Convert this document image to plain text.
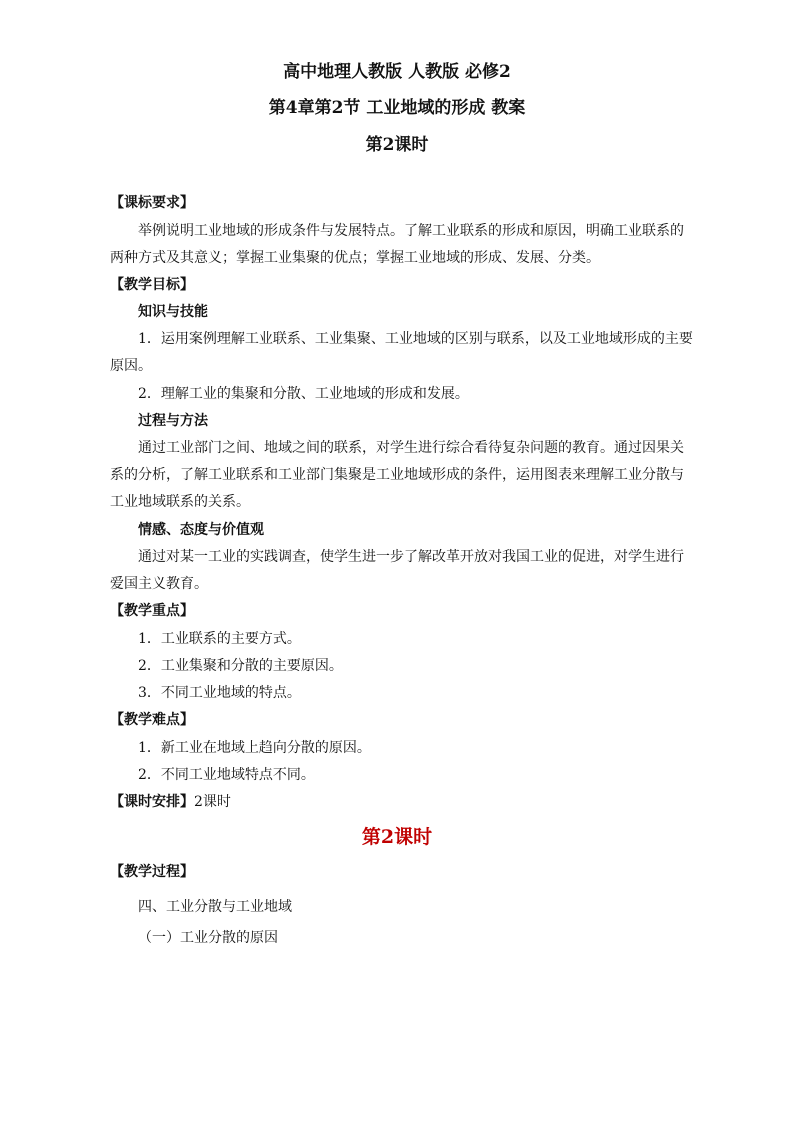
高中地理人教版 人教版 必修2
第4章第2节 工业地域的形成 教案
第2课时
【课标要求】
举例说明工业地域的形成条件与发展特点。了解工业联系的形成和原因，明确工业联系的
两种方式及其意义；掌握工业集聚的优点；掌握工业地域的形成、发展、分类。
【教学目标】
知识与技能
1．运用案例理解工业联系、工业集聚、工业地域的区别与联系，以及工业地域形成的主要
原因。
2．理解工业的集聚和分散、工业地域的形成和发展。
过程与方法
通过工业部门之间、地域之间的联系，对学生进行综合看待复杂问题的教育。通过因果关
系的分析，了解工业联系和工业部门集聚是工业地域形成的条件，运用图表来理解工业分散与
工业地域联系的关系。
情感、态度与价值观
通过对某一工业的实践调查，使学生进一步了解改革开放对我国工业的促进，对学生进行
爱国主义教育。
【教学重点】
1．工业联系的主要方式。
2．工业集聚和分散的主要原因。
3．不同工业地域的特点。
【教学难点】
1．新工业在地域上趋向分散的原因。
2．不同工业地域特点不同。
【课时安排】2课时
第2课时
【教学过程】
四、工业分散与工业地域
（一）工业分散的原因
